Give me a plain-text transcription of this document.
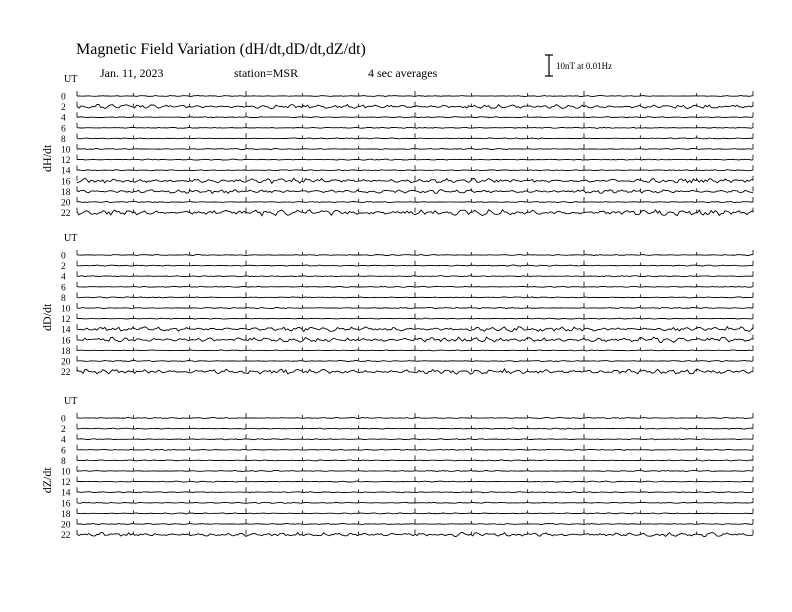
Magnetic Field Variation (dH/dt,dD/dt,dZ/dt)
Jan. 11, 2023	station=MSR	4 sec averages	10nT at 0.01Hz
UT
dH/dt
0
2
4
6
8
10
12
14
16
18
20
22
UT
dD/dt
0
2
4
6
8
10
12
14
16
18
20
22
UT
dZ/dt
0
2
4
6
8
10
12
14
16
18
20
22
